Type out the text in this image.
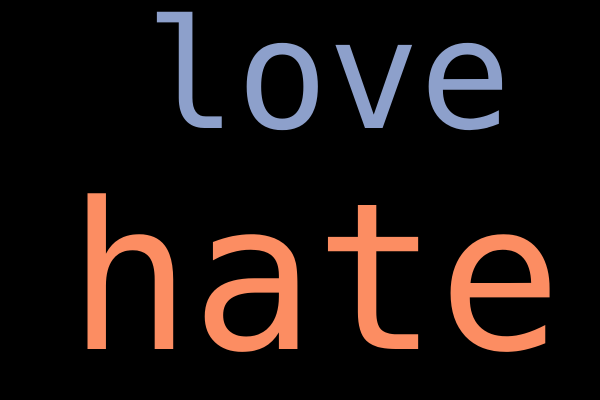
love
hate
